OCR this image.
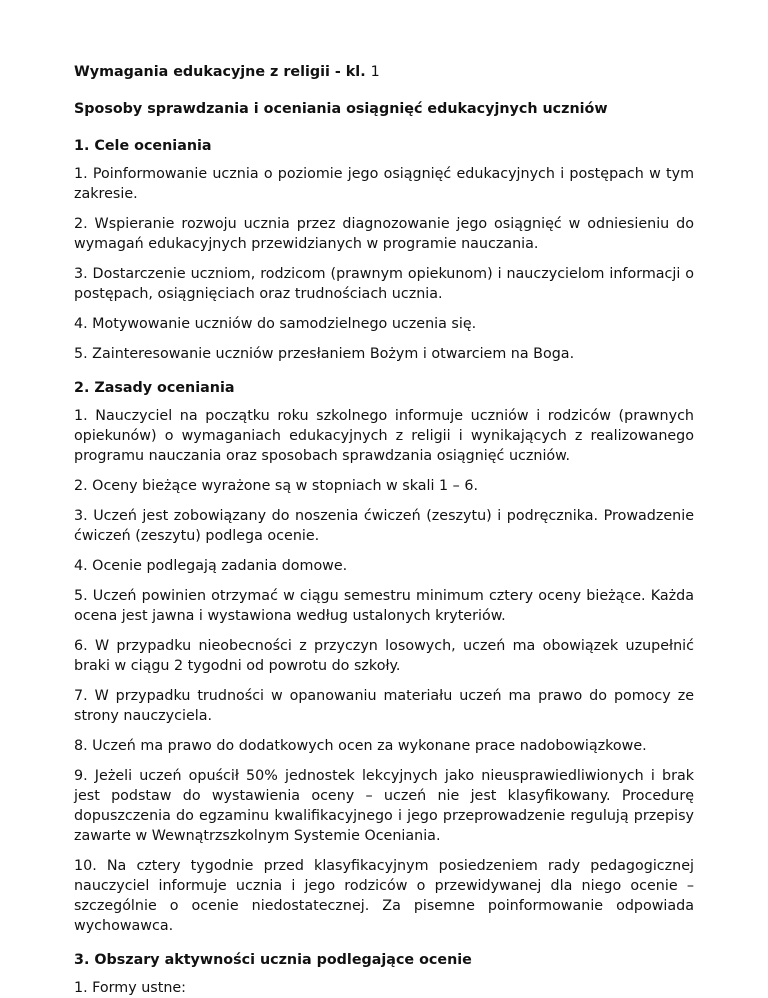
Wymagania edukacyjne z religii - kl. 1

Sposoby sprawdzania i oceniania osiągnięć edukacyjnych uczniów

1. Cele oceniania

1. Poinformowanie ucznia o poziomie jego osiągnięć edukacyjnych i postępach w tym zakresie.

2. Wspieranie rozwoju ucznia przez diagnozowanie jego osiągnięć w odniesieniu do wymagań edukacyjnych przewidzianych w programie nauczania.

3. Dostarczenie uczniom, rodzicom (prawnym opiekunom) i nauczycielom informacji o postępach, osiągnięciach oraz trudnościach ucznia.

4. Motywowanie uczniów do samodzielnego uczenia się.

5. Zainteresowanie uczniów przesłaniem Bożym i otwarciem na Boga.

2. Zasady oceniania

1. Nauczyciel na początku roku szkolnego informuje uczniów i rodziców (prawnych opiekunów) o wymaganiach edukacyjnych z religii i wynikających z realizowanego programu nauczania oraz sposobach sprawdzania osiągnięć uczniów.

2. Oceny bieżące wyrażone są w stopniach w skali 1 – 6.

3. Uczeń jest zobowiązany do noszenia ćwiczeń (zeszytu) i podręcznika. Prowadzenie ćwiczeń (zeszytu) podlega ocenie.

4. Ocenie podlegają zadania domowe.

5. Uczeń powinien otrzymać w ciągu semestru minimum cztery oceny bieżące. Każda ocena jest jawna i wystawiona według ustalonych kryteriów.

6. W przypadku nieobecności z przyczyn losowych, uczeń ma obowiązek uzupełnić braki w ciągu 2 tygodni od powrotu do szkoły.

7. W przypadku trudności w opanowaniu materiału uczeń ma prawo do pomocy ze strony nauczyciela.

8. Uczeń ma prawo do dodatkowych ocen za wykonane prace nadobowiązkowe.

9. Jeżeli uczeń opuścił 50% jednostek lekcyjnych jako nieusprawiedliwionych i brak jest podstaw do wystawienia oceny – uczeń nie jest klasyfikowany. Procedurę dopuszczenia do egzaminu kwalifikacyjnego i jego przeprowadzenie regulują przepisy zawarte w Wewnątrzszkolnym Systemie Oceniania.

10. Na cztery tygodnie przed klasyfikacyjnym posiedzeniem rady pedagogicznej nauczyciel informuje ucznia i jego rodziców o przewidywanej dla niego ocenie – szczególnie o ocenie niedostatecznej. Za pisemne poinformowanie odpowiada wychowawca.

3. Obszary aktywności ucznia podlegające ocenie

1. Formy ustne:
